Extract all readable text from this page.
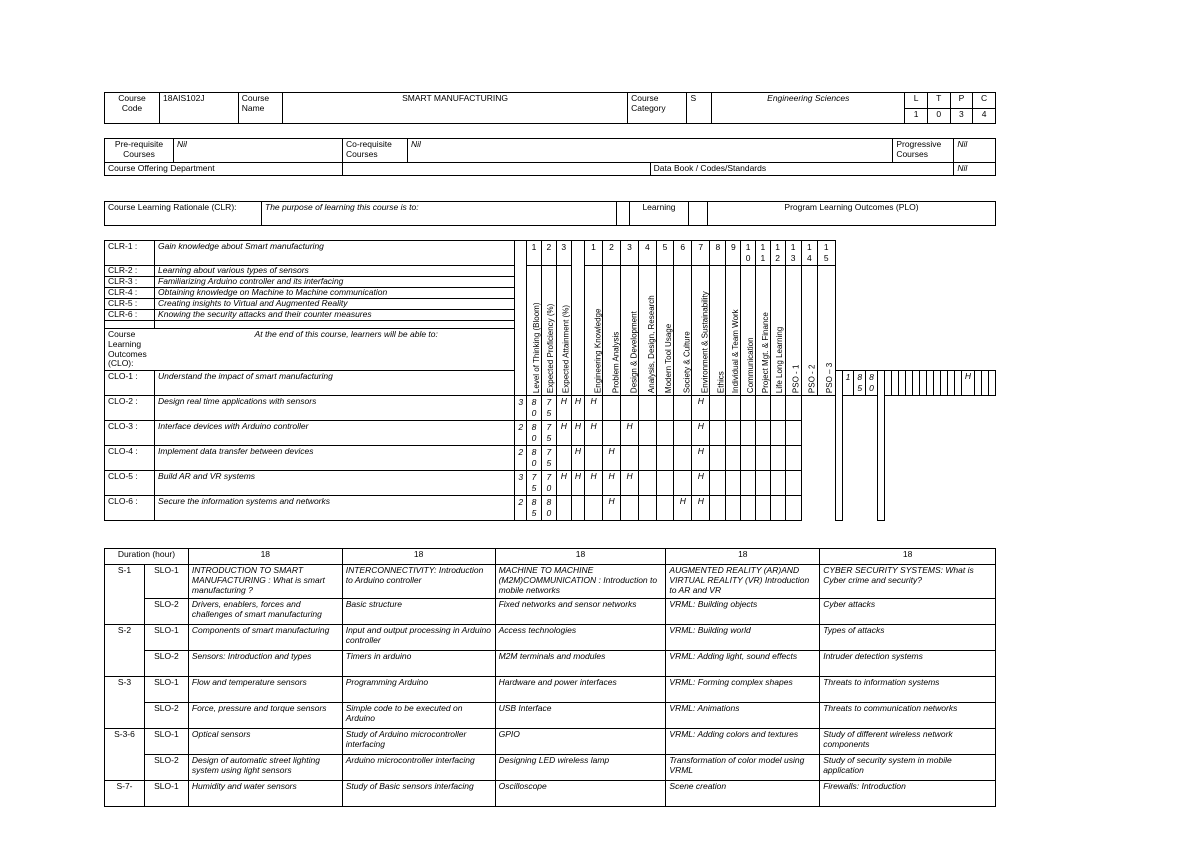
Course Code	18AIS102J	Course Name	SMART MANUFACTURING	Course Category	S	Engineering Sciences	L	T	P	C
							1	0	3	4
Pre-requisite Courses	Nil	Co-requisite Courses	Nil		Progressive Courses	Nil
Course Offering Department				Data Book / Codes/Standards		Nil
Course Learning Rationale (CLR):	The purpose of learning this course is to:		Learning		Program Learning Outcomes (PLO)
CLR-1 :	Gain knowledge about Smart manufacturing		1	2	3		1	2	3	4	5	6	7	8	9	1 0	1 1	1 2	1 3	1 4	1 5																				
CLR-2 :	Learning about various types of sensors		Level of Thinking (Bloom)	Expected Proficiency (%)	Expected Attainment (%)		Engineering Knowledge	Problem Analysis	Design & Development	Analysis, Design, Research	Modern Tool Usage	Society & Culture	Environment & Sustainability	Ethics	Individual & Team Work	Communication	Project Mgt. & Finance	Life Long Learning	PSO - 1	PSO - 2	PSO – 3																				
CLR-3 :	Familiarizing Arduino controller and its interfacing																																								
CLR-4 :	Obtaining knowledge on Machine to Machine communication																																								
CLR-5 :	Creating insights to Virtual and Augmented Reality																																								
CLR-6 :	Knowing the security attacks and their counter measures																																								

Course Learning Outcomes (CLO):	At the end of this course, learners will be able to:																																								
CLO-1 :	Understand the impact of smart manufacturing																						1	8 5	8 0													H			
CLO-2 :	Design real time applications with sensors	3	8 0	7 5	H	H	H						H																												
CLO-3 :	Interface devices with Arduino controller	2	8 0	7 5	H	H	H		H				H																												
CLO-4 :	Implement data transfer between devices	2	8 0	7 5		H		H					H																												
CLO-5 :	Build AR and VR systems	3	7 5	7 0	H	H	H	H	H				H																												
CLO-6 :	Secure the information systems and networks	2	8 5	8 0				H				H	H																												
Duration (hour)		18	18	18	18	18
S-1	SLO-1	INTRODUCTION TO SMART MANUFACTURING : What is smart manufacturing ?	INTERCONNECTIVITY: Introduction to Arduino controller	MACHINE TO MACHINE (M2M)COMMUNICATION : Introduction to mobile networks	AUGMENTED REALITY (AR)AND VIRTUAL REALITY (VR) Introduction to AR and VR	CYBER SECURITY SYSTEMS: What is Cyber crime and security?
	SLO-2	Drivers, enablers, forces and challenges of smart manufacturing	Basic structure	Fixed networks and sensor networks	VRML: Building objects	Cyber attacks
S-2	SLO-1	Components of smart manufacturing	Input and output processing in Arduino controller	Access technologies	VRML: Building world	Types of attacks
	SLO-2	Sensors: Introduction and types	Timers in arduino	M2M terminals and modules	VRML: Adding light, sound effects	Intruder detection systems
S-3	SLO-1	Flow and temperature sensors	Programming Arduino	Hardware and power interfaces	VRML: Forming complex shapes	Threats to information systems
	SLO-2	Force, pressure and torque sensors	Simple code to be executed on Arduino	USB Interface	VRML: Animations	Threats to communication networks
S-3-6	SLO-1	Optical sensors	Study of Arduino microcontroller interfacing	GPIO	VRML: Adding colors and textures	Study of different wireless network components
	SLO-2	Design of automatic street lighting system using light sensors	Arduino microcontroller interfacing	Designing LED wireless lamp	Transformation of color model using VRML	Study of security system in mobile application
S-7-	SLO-1	Humidity and water sensors	Study of Basic sensors interfacing	Oscilloscope	Scene creation	Firewalls: Introduction
